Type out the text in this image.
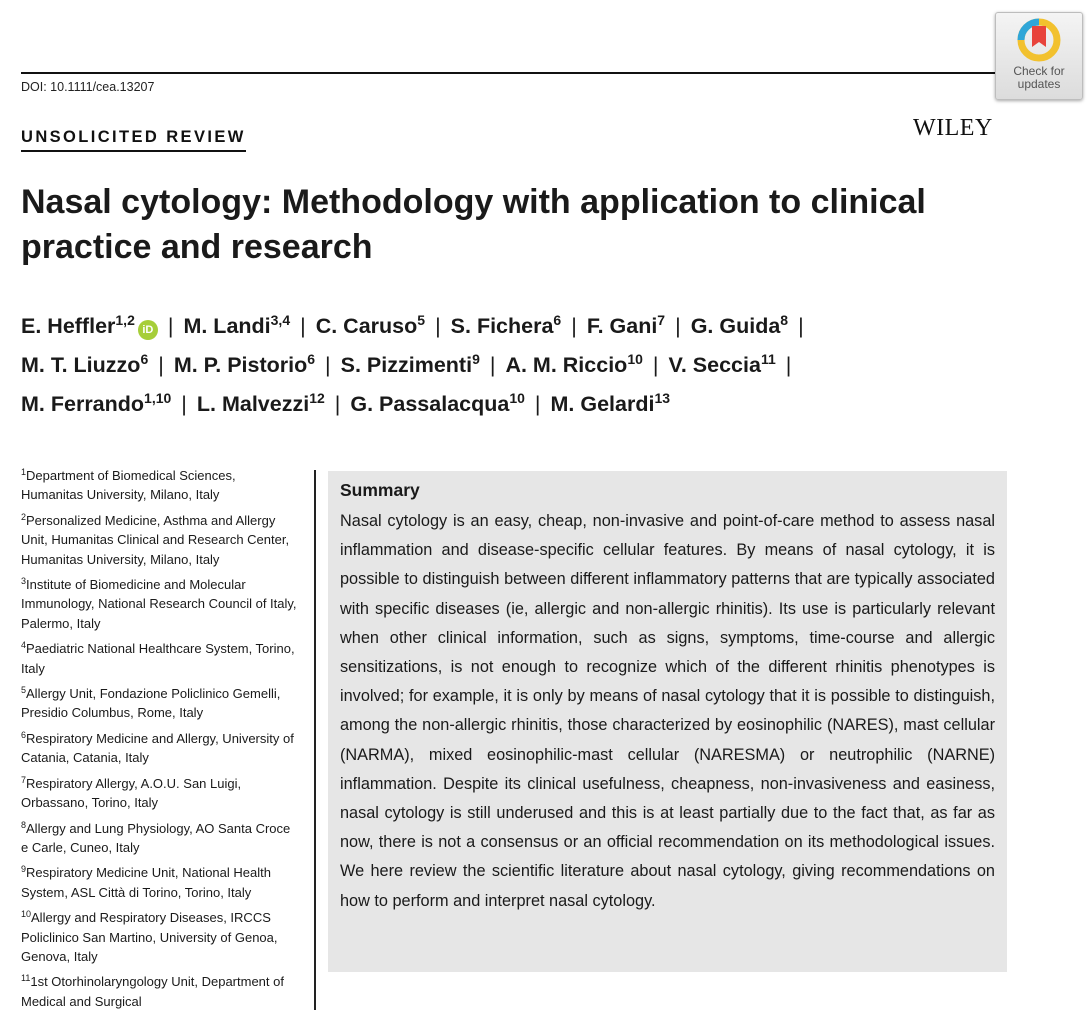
DOI: 10.1111/cea.13207
Check for
updates
UNSOLICITED REVIEW	WILEY
Nasal cytology: Methodology with application to clinical practice and research
E. Heffler$^{1,2}$iD | M. Landi$^{3,4}$ | C. Caruso$^5$ | S. Fichera$^6$ | F. Gani$^7$ | G. Guida$^8$ |
M. T. Liuzzo$^6$ | M. P. Pistorio$^6$ | S. Pizzimenti$^9$ | A. M. Riccio$^{10}$ | V. Seccia$^{11}$ |
M. Ferrando$^{1,10}$ | L. Malvezzi$^{12}$ | G. Passalacqua$^{10}$ | M. Gelardi$^{13}$
$^1$Department of Biomedical Sciences, Humanitas University, Milano, Italy
$^2$Personalized Medicine, Asthma and Allergy Unit, Humanitas Clinical and Research Center, Humanitas University, Milano, Italy
$^3$Institute of Biomedicine and Molecular Immunology, National Research Council of Italy, Palermo, Italy
$^4$Paediatric National Healthcare System, Torino, Italy
$^5$Allergy Unit, Fondazione Policlinico Gemelli, Presidio Columbus, Rome, Italy
$^6$Respiratory Medicine and Allergy, University of Catania, Catania, Italy
$^7$Respiratory Allergy, A.O.U. San Luigi, Orbassano, Torino, Italy
$^8$Allergy and Lung Physiology, AO Santa Croce e Carle, Cuneo, Italy
$^9$Respiratory Medicine Unit, National Health System, ASL Città di Torino, Torino, Italy
$^{10}$Allergy and Respiratory Diseases, IRCCS Policlinico San Martino, University of Genoa, Genova, Italy
$^{11}$1st Otorhinolaryngology Unit, Department of Medical and Surgical
Summary

Nasal cytology is an easy, cheap, non-invasive and point-of-care method to assess nasal inflammation and disease-specific cellular features. By means of nasal cytology, it is possible to distinguish between different inflammatory patterns that are typically associated with specific diseases (ie, allergic and non-allergic rhinitis). Its use is particularly relevant when other clinical information, such as signs, symptoms, time-course and allergic sensitizations, is not enough to recognize which of the different rhinitis phenotypes is involved; for example, it is only by means of nasal cytology that it is possible to distinguish, among the non-allergic rhinitis, those characterized by eosinophilic (NARES), mast cellular (NARMA), mixed eosinophilic-mast cellular (NARESMA) or neutrophilic (NARNE) inflammation. Despite its clinical usefulness, cheapness, non-invasiveness and easiness, nasal cytology is still underused and this is at least partially due to the fact that, as far as now, there is not a consensus or an official recommendation on its methodological issues. We here review the scientific literature about nasal cytology, giving recommendations on how to perform and interpret nasal cytology.
